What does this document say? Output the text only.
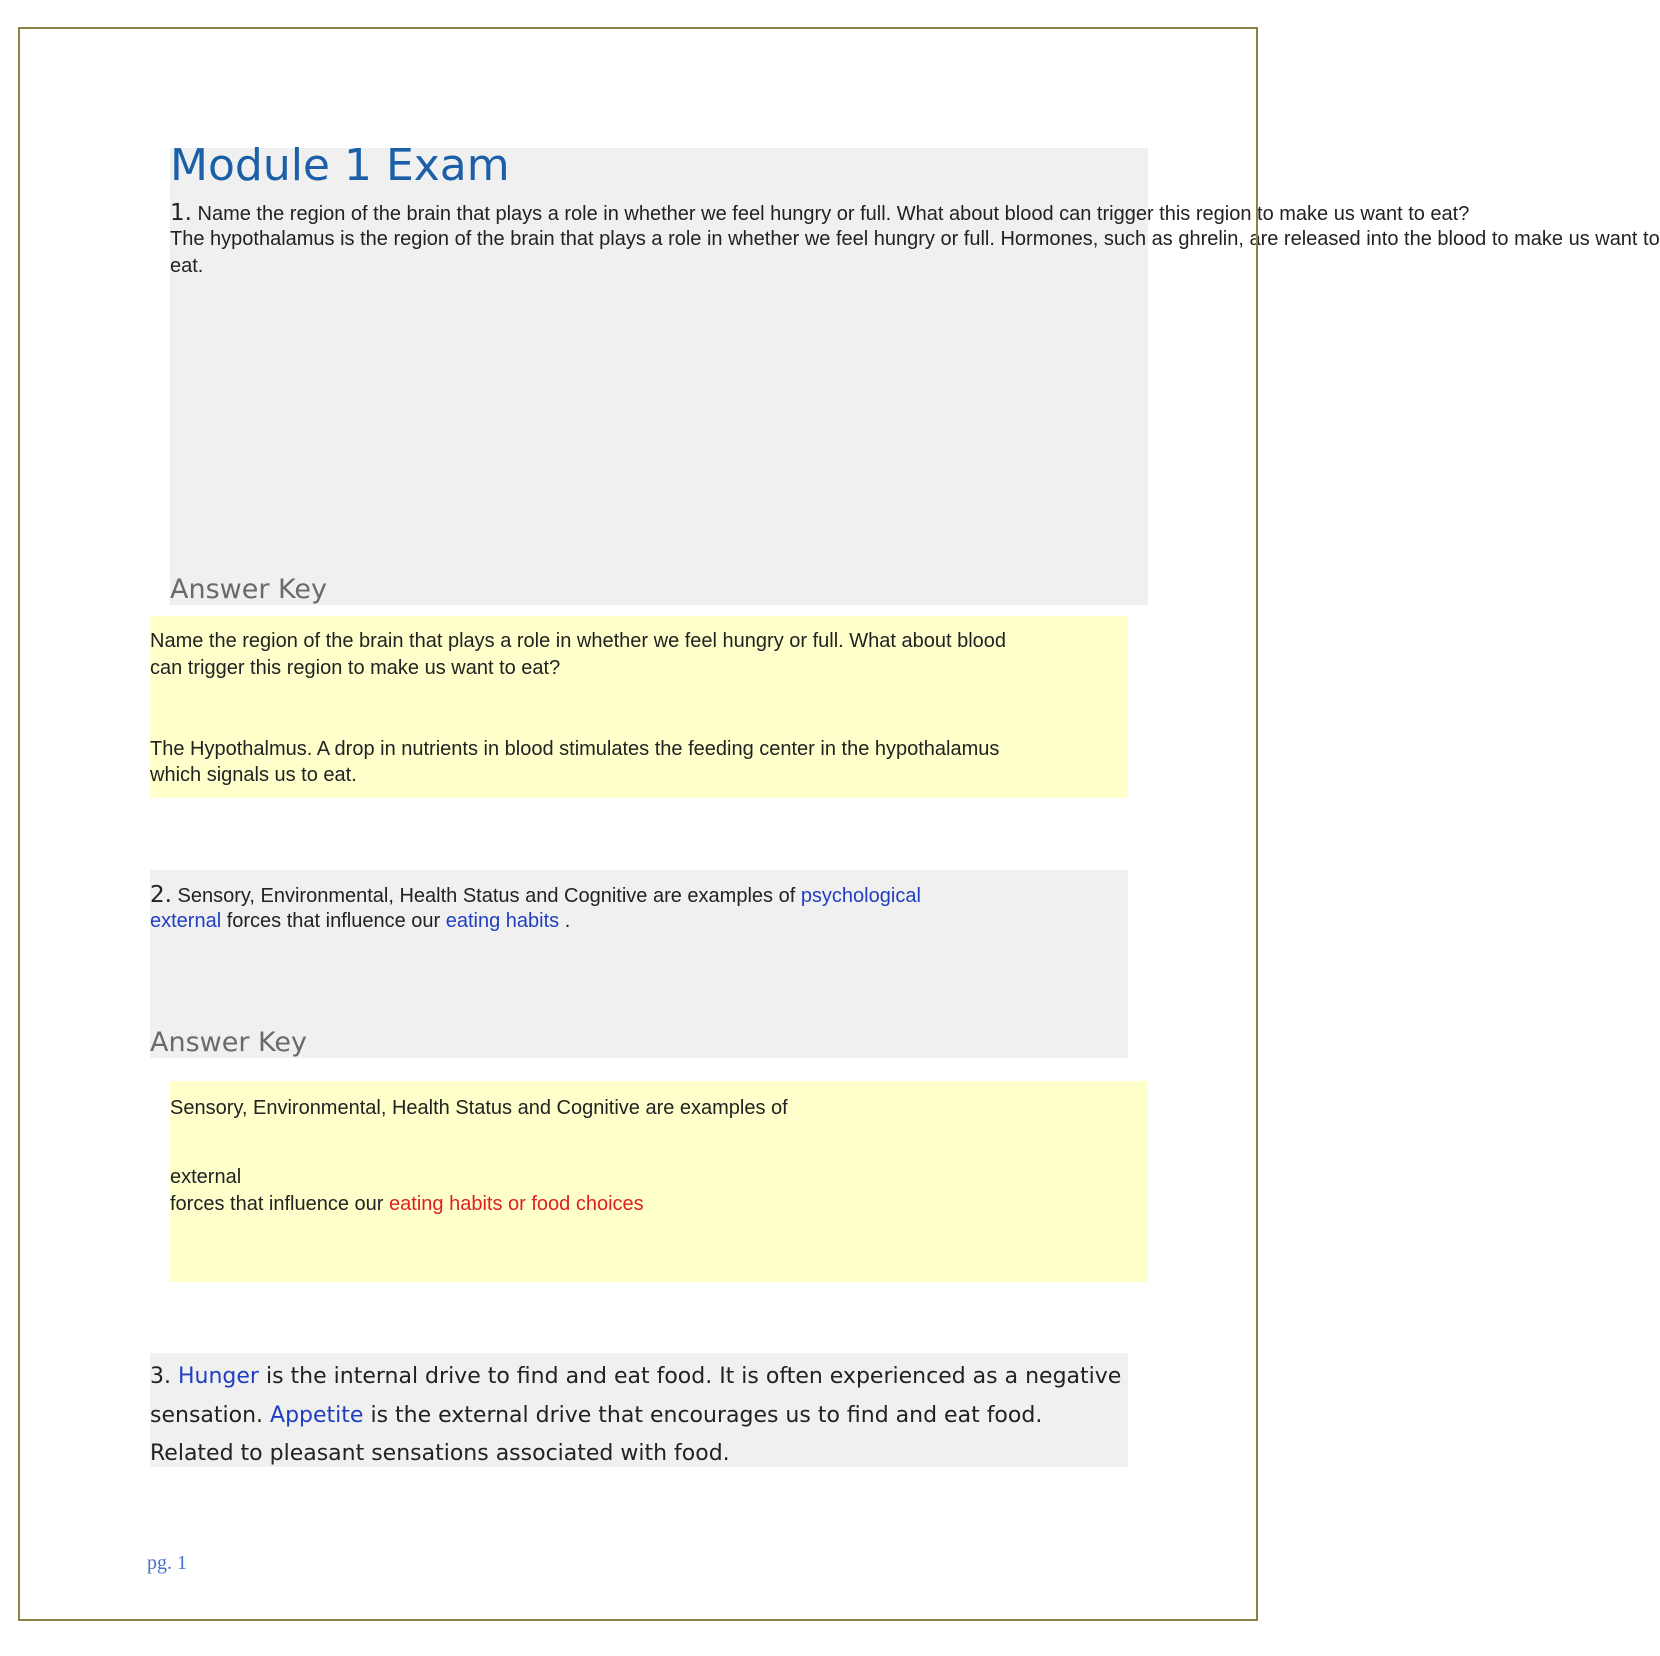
Module 1 Exam
1. Name the region of the brain that plays a role in whether we feel hungry or full. What about blood can trigger this region to make us want to eat?
The hypothalamus is the region of the brain that plays a role in whether we feel hungry or full. Hormones, such as ghrelin, are released into the blood to make us want to
eat.
Answer Key
Name the region of the brain that plays a role in whether we feel hungry or full. What about blood
can trigger this region to make us want to eat?
The Hypothalmus. A drop in nutrients in blood stimulates the feeding center in the hypothalamus
which signals us to eat.
2. Sensory, Environmental, Health Status and Cognitive are examples of psychological
external forces that influence our eating habits .
Answer Key
Sensory, Environmental, Health Status and Cognitive are examples of
external
forces that influence our eating habits or food choices
3. Hunger is the internal drive to find and eat food. It is often experienced as a negative
sensation. Appetite is the external drive that encourages us to find and eat food.
Related to pleasant sensations associated with food.
pg. 1
